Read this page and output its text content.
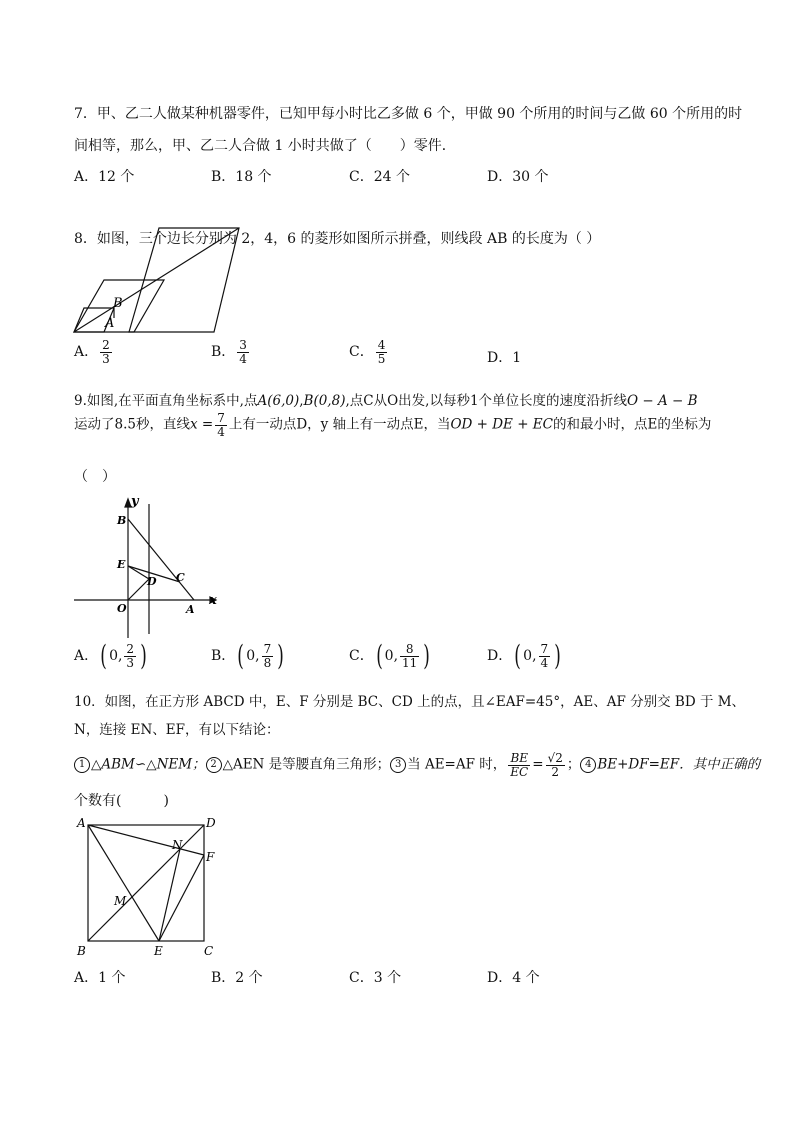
7．甲、乙二人做某种机器零件，已知甲每小时比乙多做 6 个，甲做 90 个所用的时间与乙做 60 个所用的时
间相等，那么，甲、乙二人合做 1 小时共做了（　　）零件．
A．12 个	B．18 个	C．24 个	D．30 个
8．如图，三个边长分别为 2，4，6 的菱形如图所示拼叠，则线段 AB 的长度为（ ）
B
A
A． $\frac{2}{3}$	B． $\frac{3}{4}$	C． $\frac{4}{5}$	D．1
9.如图,在平面直角坐标系中,点A(6,0),B(0,8),点C从O出发,以每秒1个单位长度的速度沿折线O − A − B
运动了8.5秒，直线$x = \frac{7}{4}$ 上有一动点D，y 轴上有一动点E，当OD + DE + EC的和最小时，点E的坐标为
（　）
y
x
B
E
D C
O	A
A．( 0, $\frac{2}{3}$ )	B．( 0, $\frac{7}{8}$ )	C．( 0, $\frac{8}{11}$ )	D．( 0, $\frac{7}{4}$ )
10．如图，在正方形 ABCD 中，E、F 分别是 BC、CD 上的点，且∠EAF=45°，AE、AF 分别交 BD 于 M、
N，连接 EN、EF，有以下结论：
1 △ABM∽△NEM； 2 △AEN 是等腰直角三角形； 3 当 AE=AF 时， $\frac{BE}{EC} = \frac{√2}{2}$ ； 4 BE+DF=EF．其中正确的
个数有(　　　)
A	D
N
F
M
B	E	C
A．1 个	B．2 个	C．3 个	D．4 个
